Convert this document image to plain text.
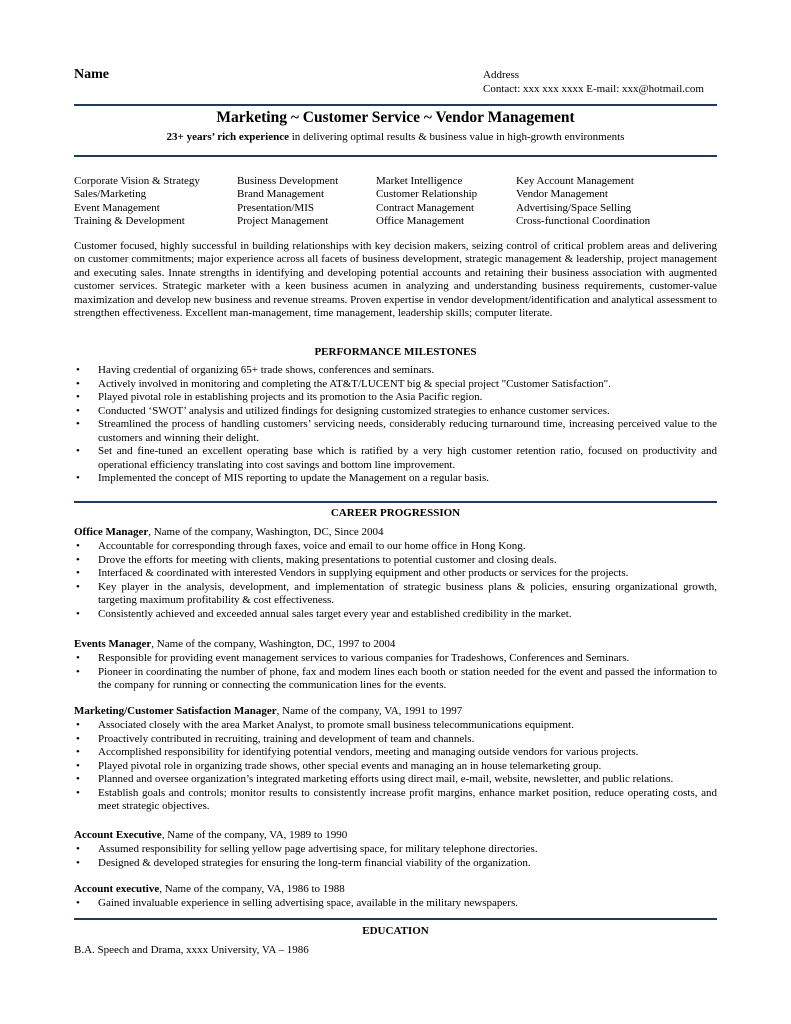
Name	Address
Contact: xxx xxx xxxx E-mail: xxx@hotmail.com
Marketing ~ Customer Service ~ Vendor Management
23+ years’ rich experience in delivering optimal results & business value in high-growth environments
Corporate Vision & Strategy
Sales/Marketing
Event Management
Training & Development
Business Development
Brand Management
Presentation/MIS
Project Management
Market Intelligence
Customer Relationship
Contract Management
Office Management
Key Account Management
Vendor Management
Advertising/Space Selling
Cross-functional Coordination
Customer focused, highly successful in building relationships with key decision makers, seizing control of critical problem areas and delivering on customer commitments; major experience across all facets of business development, strategic management & leadership, project management and executing sales. Innate strengths in identifying and developing potential accounts and retaining their business association with augmented customer services. Strategic marketer with a keen business acumen in analyzing and understanding business requirements, customer-value maximization and develop new business and revenue streams. Proven expertise in vendor development/identification and analytical assessment to strengthen effectiveness. Excellent man-management, time management, leadership skills; computer literate.
PERFORMANCE MILESTONES
• Having credential of organizing 65+ trade shows, conferences and seminars.
• Actively involved in monitoring and completing the AT&T/LUCENT big & special project "Customer Satisfaction".
• Played pivotal role in establishing projects and its promotion to the Asia Pacific region.
• Conducted ‘SWOT’ analysis and utilized findings for designing customized strategies to enhance customer services.
• Streamlined the process of handling customers’ servicing needs, considerably reducing turnaround time, increasing perceived value to the customers and winning their delight.
• Set and fine-tuned an excellent operating base which is ratified by a very high customer retention ratio, focused on productivity and operational efficiency translating into cost savings and bottom line improvement.
• Implemented the concept of MIS reporting to update the Management on a regular basis.
CAREER PROGRESSION
Office Manager, Name of the company, Washington, DC, Since 2004
• Accountable for corresponding through faxes, voice and email to our home office in Hong Kong.
• Drove the efforts for meeting with clients, making presentations to potential customer and closing deals.
• Interfaced & coordinated with interested Vendors in supplying equipment and other products or services for the projects.
• Key player in the analysis, development, and implementation of strategic business plans & policies, ensuring organizational growth, targeting maximum profitability & cost effectiveness.
• Consistently achieved and exceeded annual sales target every year and established credibility in the market.
Events Manager, Name of the company, Washington, DC, 1997 to 2004
• Responsible for providing event management services to various companies for Tradeshows, Conferences and Seminars.
• Pioneer in coordinating the number of phone, fax and modem lines each booth or station needed for the event and passed the information to the company for running or connecting the communication lines for the events.
Marketing/Customer Satisfaction Manager, Name of the company, VA, 1991 to 1997
• Associated closely with the area Market Analyst, to promote small business telecommunications equipment.
• Proactively contributed in recruiting, training and development of team and channels.
• Accomplished responsibility for identifying potential vendors, meeting and managing outside vendors for various projects.
• Played pivotal role in organizing trade shows, other special events and managing an in house telemarketing group.
• Planned and oversee organization’s integrated marketing efforts using direct mail, e-mail, website, newsletter, and public relations.
• Establish goals and controls; monitor results to consistently increase profit margins, enhance market position, reduce operating costs, and meet strategic objectives.
Account Executive, Name of the company, VA, 1989 to 1990
• Assumed responsibility for selling yellow page advertising space, for military telephone directories.
• Designed & developed strategies for ensuring the long-term financial viability of the organization.
Account executive, Name of the company, VA, 1986 to 1988
• Gained invaluable experience in selling advertising space, available in the military newspapers.
EDUCATION
B.A. Speech and Drama, xxxx University, VA – 1986
